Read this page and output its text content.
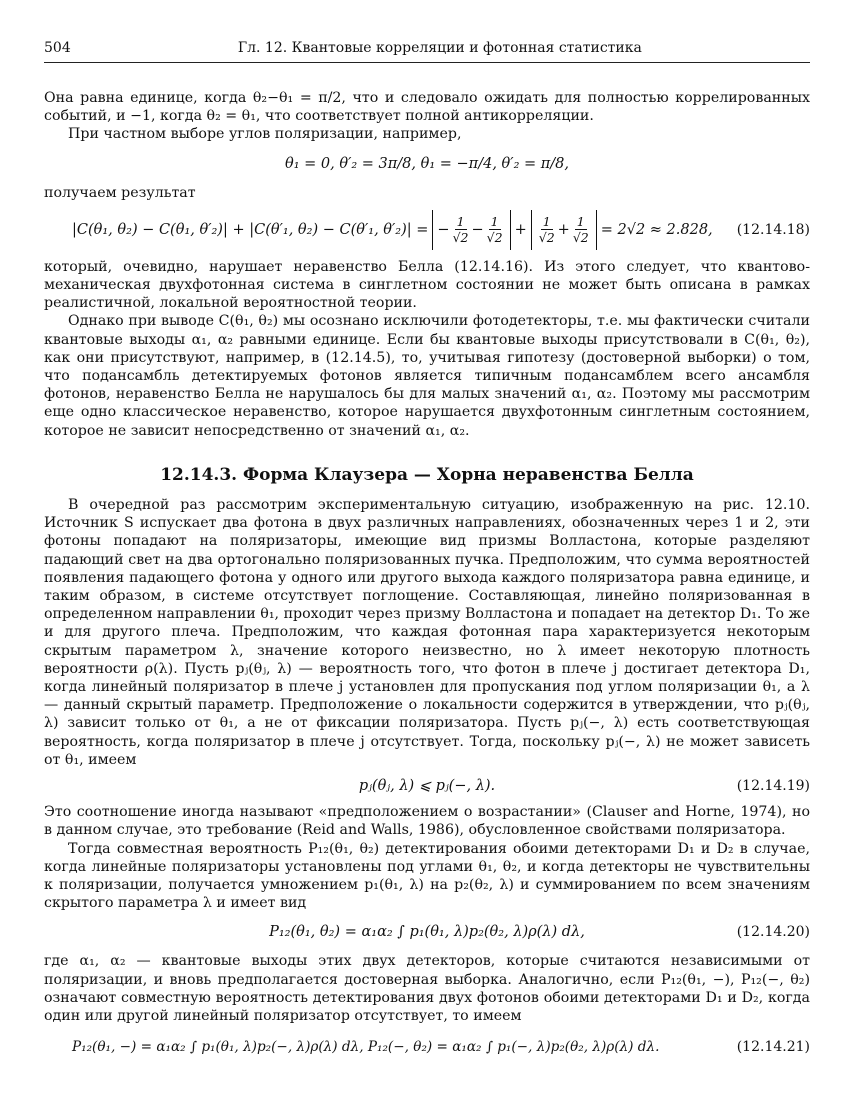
504	Гл. 12. Квантовые корреляции и фотонная статистика

Она равна единице, когда θ₂−θ₁ = π/2, что и следовало ожидать для полностью коррелированных событий, и −1, когда θ₂ = θ₁, что соответствует полной антикорреляции.

При частном выборе углов поляризации, например,

θ₁ = 0, θ′₂ = 3π/8, θ₁ = −π/4, θ′₂ = π/8,

получаем результат

|C(θ₁, θ₂) − C(θ₁, θ′₂)| + |C(θ′₁, θ₂) − C(θ′₁, θ′₂)| = − $\frac{1}{√2} - \frac{1}{√2} + 1$
$√2 + \frac{1}{√2} = 2√2 \approx 2.828$, (12.14.18)

который, очевидно, нарушает неравенство Белла (12.14.16). Из этого следует, что квантово-механическая двухфотонная система в синглетном состоянии не может быть описана в рамках реалистичной, локальной вероятностной теории.

Однако при выводе C(θ₁, θ₂) мы осознано исключили фотодетекторы, т.е. мы фактически считали квантовые выходы α₁, α₂ равными единице. Если бы квантовые выходы присутствовали в C(θ₁, θ₂), как они присутствуют, например, в (12.14.5), то, учитывая гипотезу (достоверной выборки) о том, что подансамбль детектируемых фотонов является типичным подансамблем всего ансамбля фотонов, неравенство Белла не нарушалось бы для малых значений α₁, α₂. Поэтому мы рассмотрим еще одно классическое неравенство, которое нарушается двухфотонным синглетным состоянием, которое не зависит непосредственно от значений α₁, α₂.

12.14.3. Форма Клаузера — Хорна неравенства Белла

В очередной раз рассмотрим экспериментальную ситуацию, изображенную на рис. 12.10. Источник S испускает два фотона в двух различных направлениях, обозначенных через 1 и 2, эти фотоны попадают на поляризаторы, имеющие вид призмы Волластона, которые разделяют падающий свет на два ортогонально поляризованных пучка. Предположим, что сумма вероятностей появления падающего фотона у одного или другого выхода каждого поляризатора равна единице, и таким образом, в системе отсутствует поглощение. Составляющая, линейно поляризованная в определенном направлении θ₁, проходит через призму Волластона и попадает на детектор D₁. То же и для другого плеча. Предположим, что каждая фотонная пара характеризуется некоторым скрытым параметром λ, значение которого неизвестно, но λ имеет некоторую плотность вероятности ρ(λ). Пусть pⱼ(θⱼ, λ) — вероятность того, что фотон в плече j достигает детектора D₁, когда линейный поляризатор в плече j установлен для пропускания под углом поляризации θ₁, а λ — данный скрытый параметр. Предположение о локальности содержится в утверждении, что pⱼ(θⱼ, λ) зависит только от θ₁, а не от фиксации поляризатора. Пусть pⱼ(−, λ) есть соответствующая вероятность, когда поляризатор в плече j отсутствует. Тогда, поскольку pⱼ(−, λ) не может зависеть от θ₁, имеем

pⱼ(θⱼ, λ) ⩽ pⱼ(−, λ).	(12.14.19)

Это соотношение иногда называют «предположением о возрастании» (Clauser and Horne, 1974), но в данном случае, это требование (Reid and Walls, 1986), обусловленное свойствами поляризатора.

Тогда совместная вероятность P₁₂(θ₁, θ₂) детектирования обоими детекторами D₁ и D₂ в случае, когда линейные поляризаторы установлены под углами θ₁, θ₂, и когда детекторы не чувствительны к поляризации, получается умножением p₁(θ₁, λ) на p₂(θ₂, λ) и суммированием по всем значениям скрытого параметра λ и имеет вид

P₁₂(θ₁, θ₂) = α₁α₂ ∫ p₁(θ₁, λ)p₂(θ₂, λ)ρ(λ) dλ,	(12.14.20)

где α₁, α₂ — квантовые выходы этих двух детекторов, которые считаются независимыми от поляризации, и вновь предполагается достоверная выборка. Аналогично, если P₁₂(θ₁, −), P₁₂(−, θ₂) означают совместную вероятность детектирования двух фотонов обоими детекторами D₁ и D₂, когда один или другой линейный поляризатор отсутствует, то имеем

P₁₂(θ₁, −) = α₁α₂ ∫ p₁(θ₁, λ)p₂(−, λ)ρ(λ) dλ, P₁₂(−, θ₂) = α₁α₂ ∫ p₁(−, λ)p₂(θ₂, λ)ρ(λ) dλ.	(12.14.21)
